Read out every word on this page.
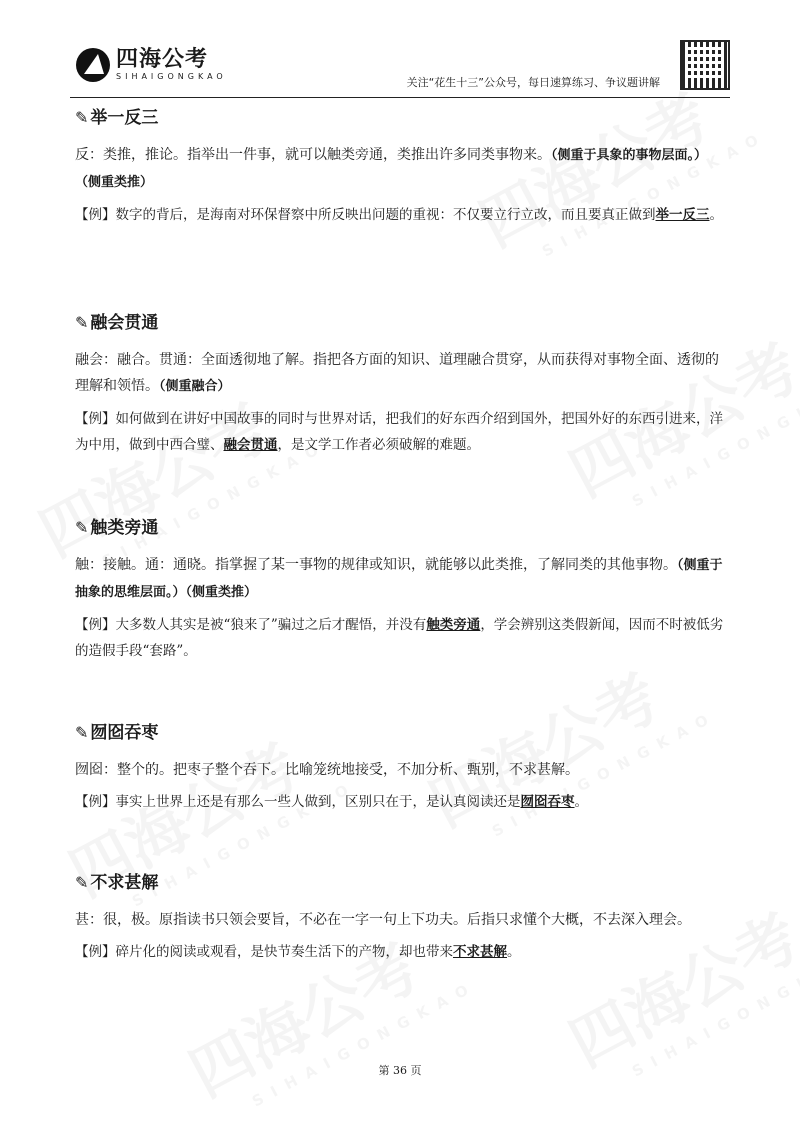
四海公考
SIHAIGONGKAO	关注“花生十三”公众号，每日速算练习、争议题讲解
✎ 举一反三

反：类推，推论。指举出一件事，就可以触类旁通，类推出许多同类事物来。（侧重于具象的事物层面。）（侧重类推）

【例】数字的背后，是海南对环保督察中所反映出问题的重视：不仅要立行立改，而且要真正做到举一反三。

✎ 融会贯通

融会：融合。贯通：全面透彻地了解。指把各方面的知识、道理融合贯穿，从而获得对事物全面、透彻的理解和领悟。（侧重融合）

【例】如何做到在讲好中国故事的同时与世界对话，把我们的好东西介绍到国外，把国外好的东西引进来，洋为中用，做到中西合璧、融会贯通，是文学工作者必须破解的难题。

✎ 触类旁通

触：接触。通：通晓。指掌握了某一事物的规律或知识，就能够以此类推，了解同类的其他事物。（侧重于抽象的思维层面。）（侧重类推）

【例】大多数人其实是被“狼来了”骗过之后才醒悟，并没有触类旁通，学会辨别这类假新闻，因而不时被低劣的造假手段“套路”。

✎ 囫囵吞枣

囫囵：整个的。把枣子整个吞下。比喻笼统地接受，不加分析、甄别，不求甚解。

【例】事实上世界上还是有那么一些人做到，区别只在于，是认真阅读还是囫囵吞枣。

✎ 不求甚解

甚：很，极。原指读书只领会要旨，不必在一字一句上下功夫。后指只求懂个大概，不去深入理会。

【例】碎片化的阅读或观看，是快节奏生活下的产物，却也带来不求甚解。

第 36 页
